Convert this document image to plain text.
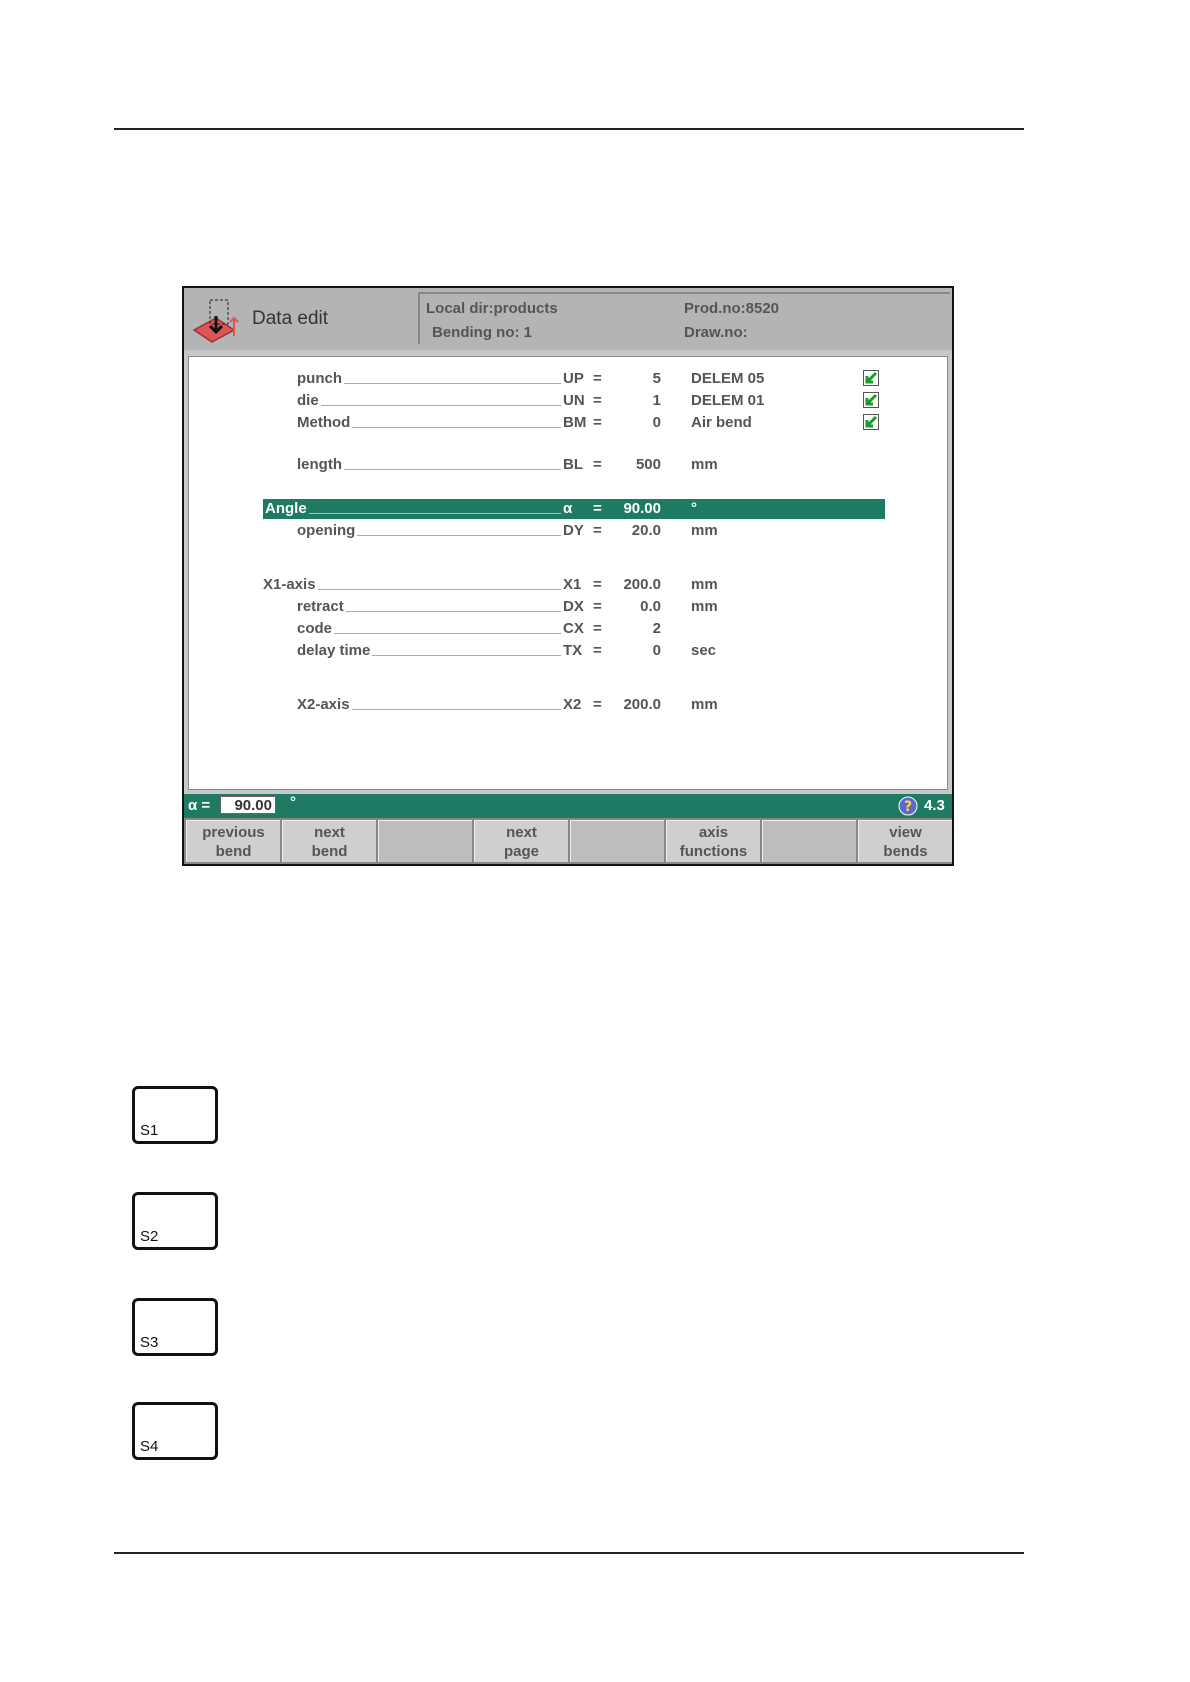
Data edit	Local dir:products
Bending no: 1
Prod.no:8520
Draw.no:
punch	UP =	5 DELEM 05
die	UN =	1 DELEM 01
Method	BM =	0 Air bend
length	BL =	500 mm
Angle	α =	90.00 °
opening	DY =	20.0 mm
X1-axis	X1 =	200.0 mm
retract	DX =	0.0 mm
code	CX =	2
delay time	TX =	0 sec
X2-axis	X2 =	200.0 mm
α =	90.00 °	? 4.3
previous
bend
next
bend
next
page
axis
functions
view
bends
S1
S2
S3
S4
